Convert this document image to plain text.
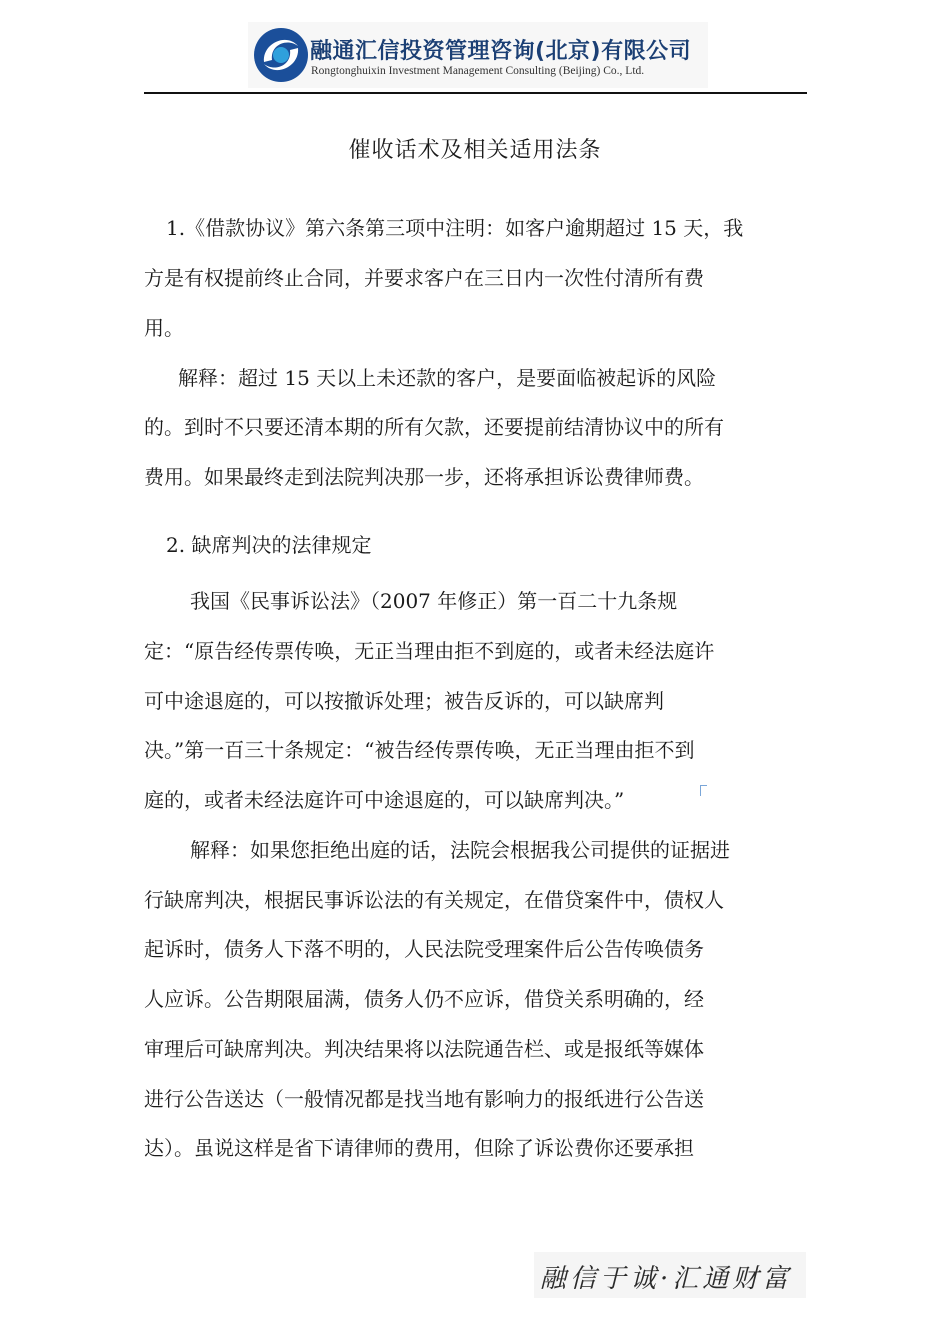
融通汇信投资管理咨询(北京)有限公司
Rongtonghuixin Investment Management Consulting (Beijing) Co., Ltd.
催收话术及相关适用法条
1.《借款协议》第六条第三项中注明：如客户逾期超过 15 天，我
方是有权提前终止合同，并要求客户在三日内一次性付清所有费
用。
解释：超过 15 天以上未还款的客户，是要面临被起诉的风险
的。到时不只要还清本期的所有欠款，还要提前结清协议中的所有
费用。如果最终走到法院判决那一步，还将承担诉讼费律师费。
2. 缺席判决的法律规定
我国《民事诉讼法》（2007 年修正）第一百二十九条规
定：“原告经传票传唤，无正当理由拒不到庭的，或者未经法庭许
可中途退庭的，可以按撤诉处理；被告反诉的，可以缺席判
决。”第一百三十条规定：“被告经传票传唤，无正当理由拒不到
庭的，或者未经法庭许可中途退庭的，可以缺席判决。”
解释：如果您拒绝出庭的话，法院会根据我公司提供的证据进
行缺席判决，根据民事诉讼法的有关规定，在借贷案件中，债权人
起诉时，债务人下落不明的，人民法院受理案件后公告传唤债务
人应诉。公告期限届满，债务人仍不应诉，借贷关系明确的，经
审理后可缺席判决。判决结果将以法院通告栏、或是报纸等媒体
进行公告送达（一般情况都是找当地有影响力的报纸进行公告送
达）。虽说这样是省下请律师的费用，但除了诉讼费你还要承担
融信于诚·汇通财富
